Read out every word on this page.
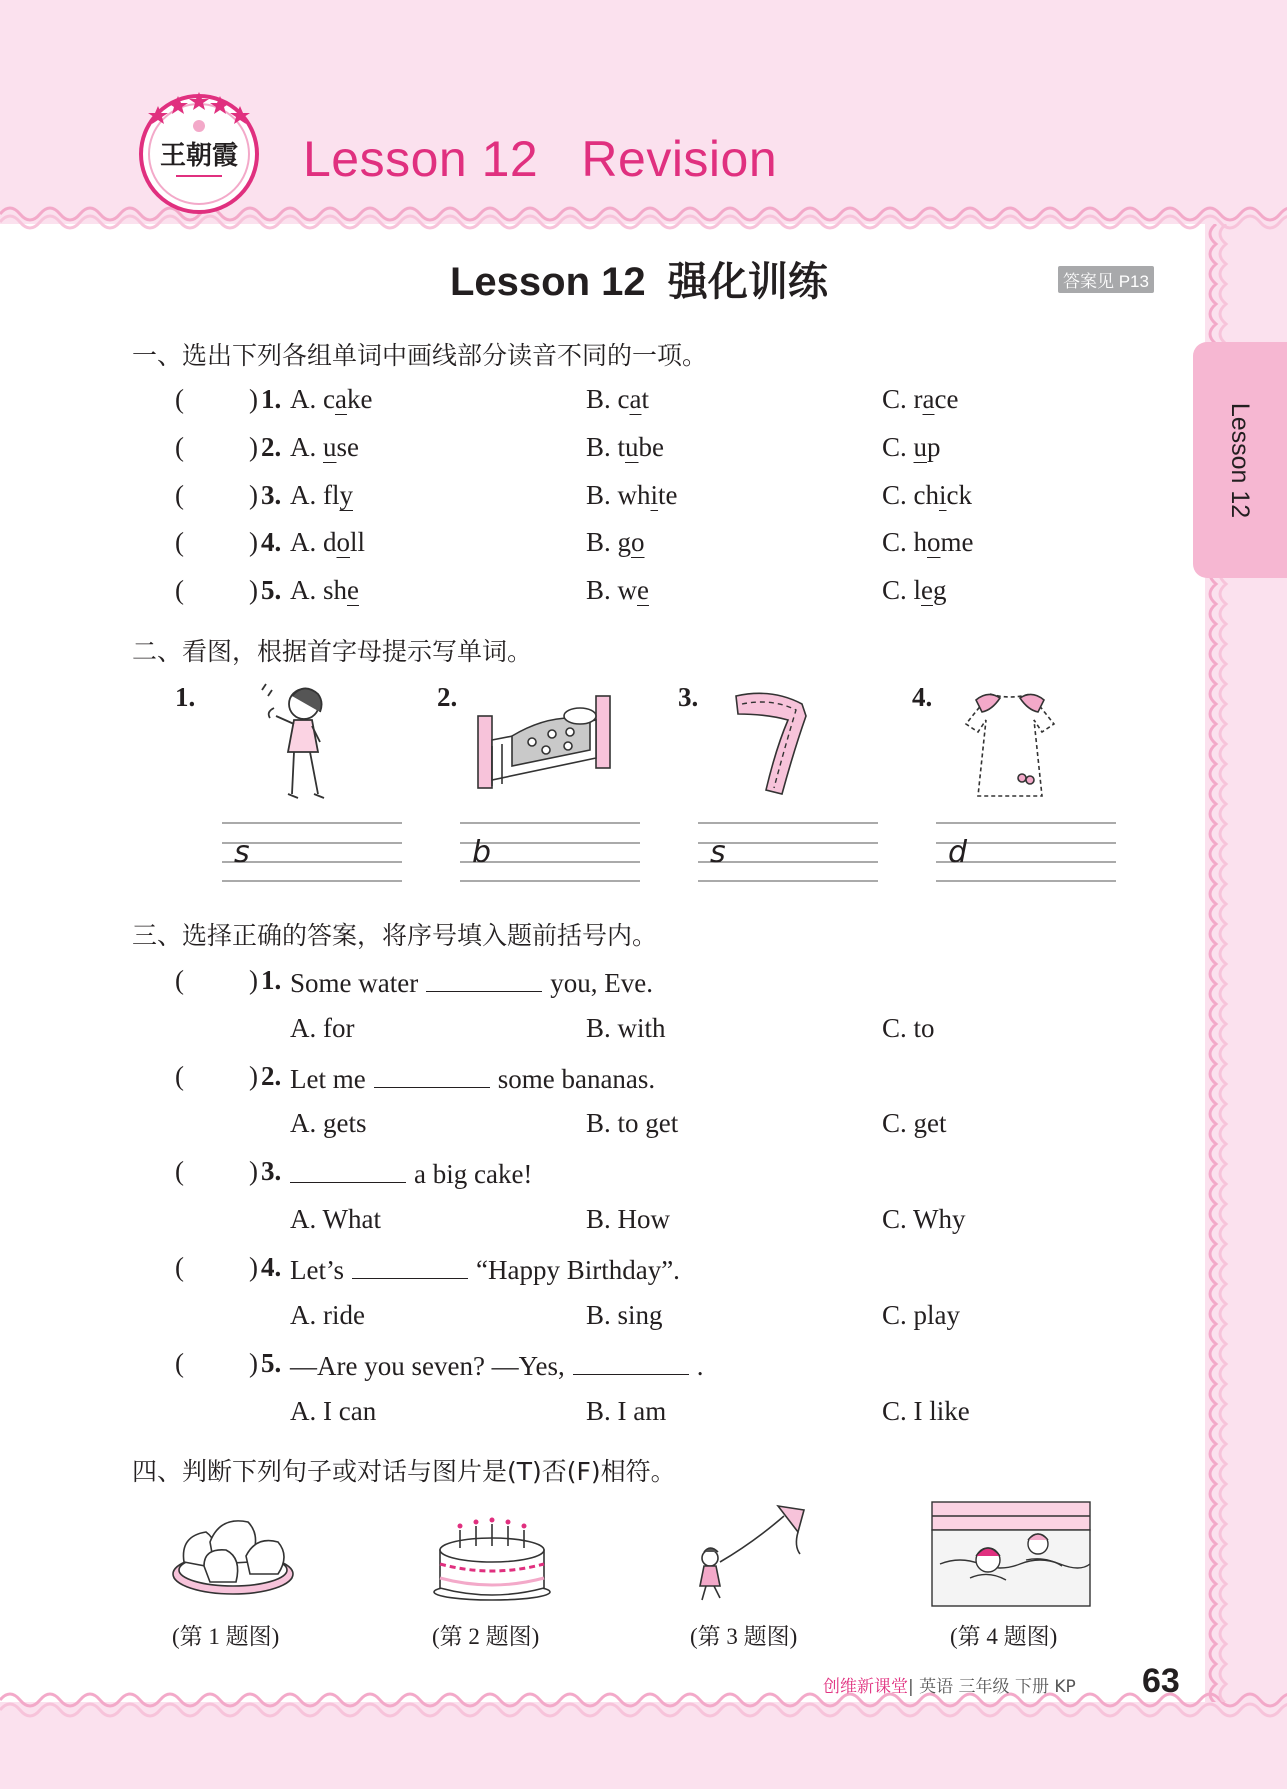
王朝霞 Lesson 12   Revision
Lesson 12
Lesson 12  强化训练	答案见 P13
一、选出下列各组单词中画线部分读音不同的一项。
( ) 1. A. cake	B. cat	C. race
( ) 2. A. use	B. tube	C. up
( ) 3. A. fly	B. white	C. chick
( ) 4. A. doll	B. go	C. home
( ) 5. A. she	B. we	C. leg
二、看图，根据首字母提示写单词。
1.	2.	3.	4.
s	b	s	d
三、选择正确的答案，将序号填入题前括号内。
( ) 1. Some water	you, Eve.
A. for	B. with	C. to
( ) 2. Let me	some bananas.
A. gets	B. to get	C. get
( ) 3.	a big cake!
A. What	B. How	C. Why
( ) 4. Let’s	“Happy Birthday”.
A. ride	B. sing	C. play
( ) 5. —Are you seven? —Yes,	.
A. I can	B. I am	C. I like
四、判断下列句子或对话与图片是(T)否(F)相符。
(第 1 题图)	(第 2 题图)	(第 3 题图)	(第 4 题图)
创维新课堂| 英语 三年级 下册 KP 63
